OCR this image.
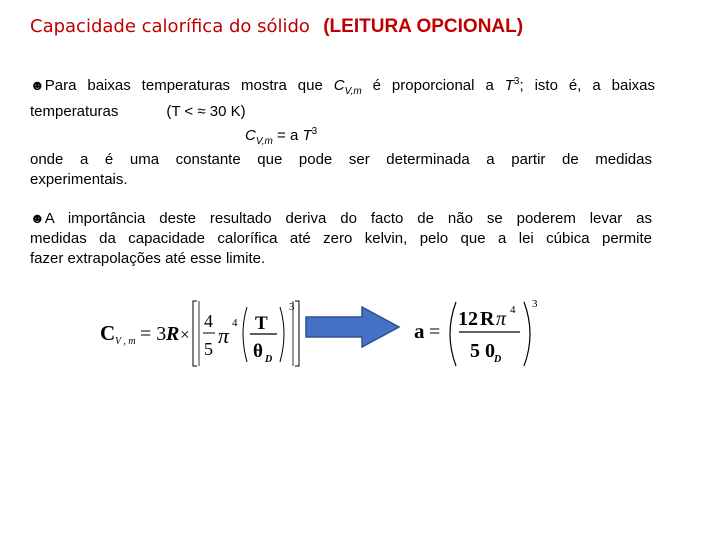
Capacidade calorífica do sólido (LEITURA OPCIONAL)
☻Para baixas temperaturas mostra que $C_{V,m}$ é proporcional a $T^3$; isto é, a baixas
temperaturas	(T < ≈ 30 K)
$C_{V,m} = a$ $T^3$
onde a é uma constante que pode ser determinada a partir de medidas
experimentais.
☻A importância deste resultado deriva do facto de não se poderem levar as
medidas da capacidade calorífica até zero kelvin, pelo que a lei cúbica permite
fazer extrapolações até esse limite.
C V , m = 3 R ×
4
5
π 4 T
θ D
3
a =
12 R π 4
5 0 D
3
